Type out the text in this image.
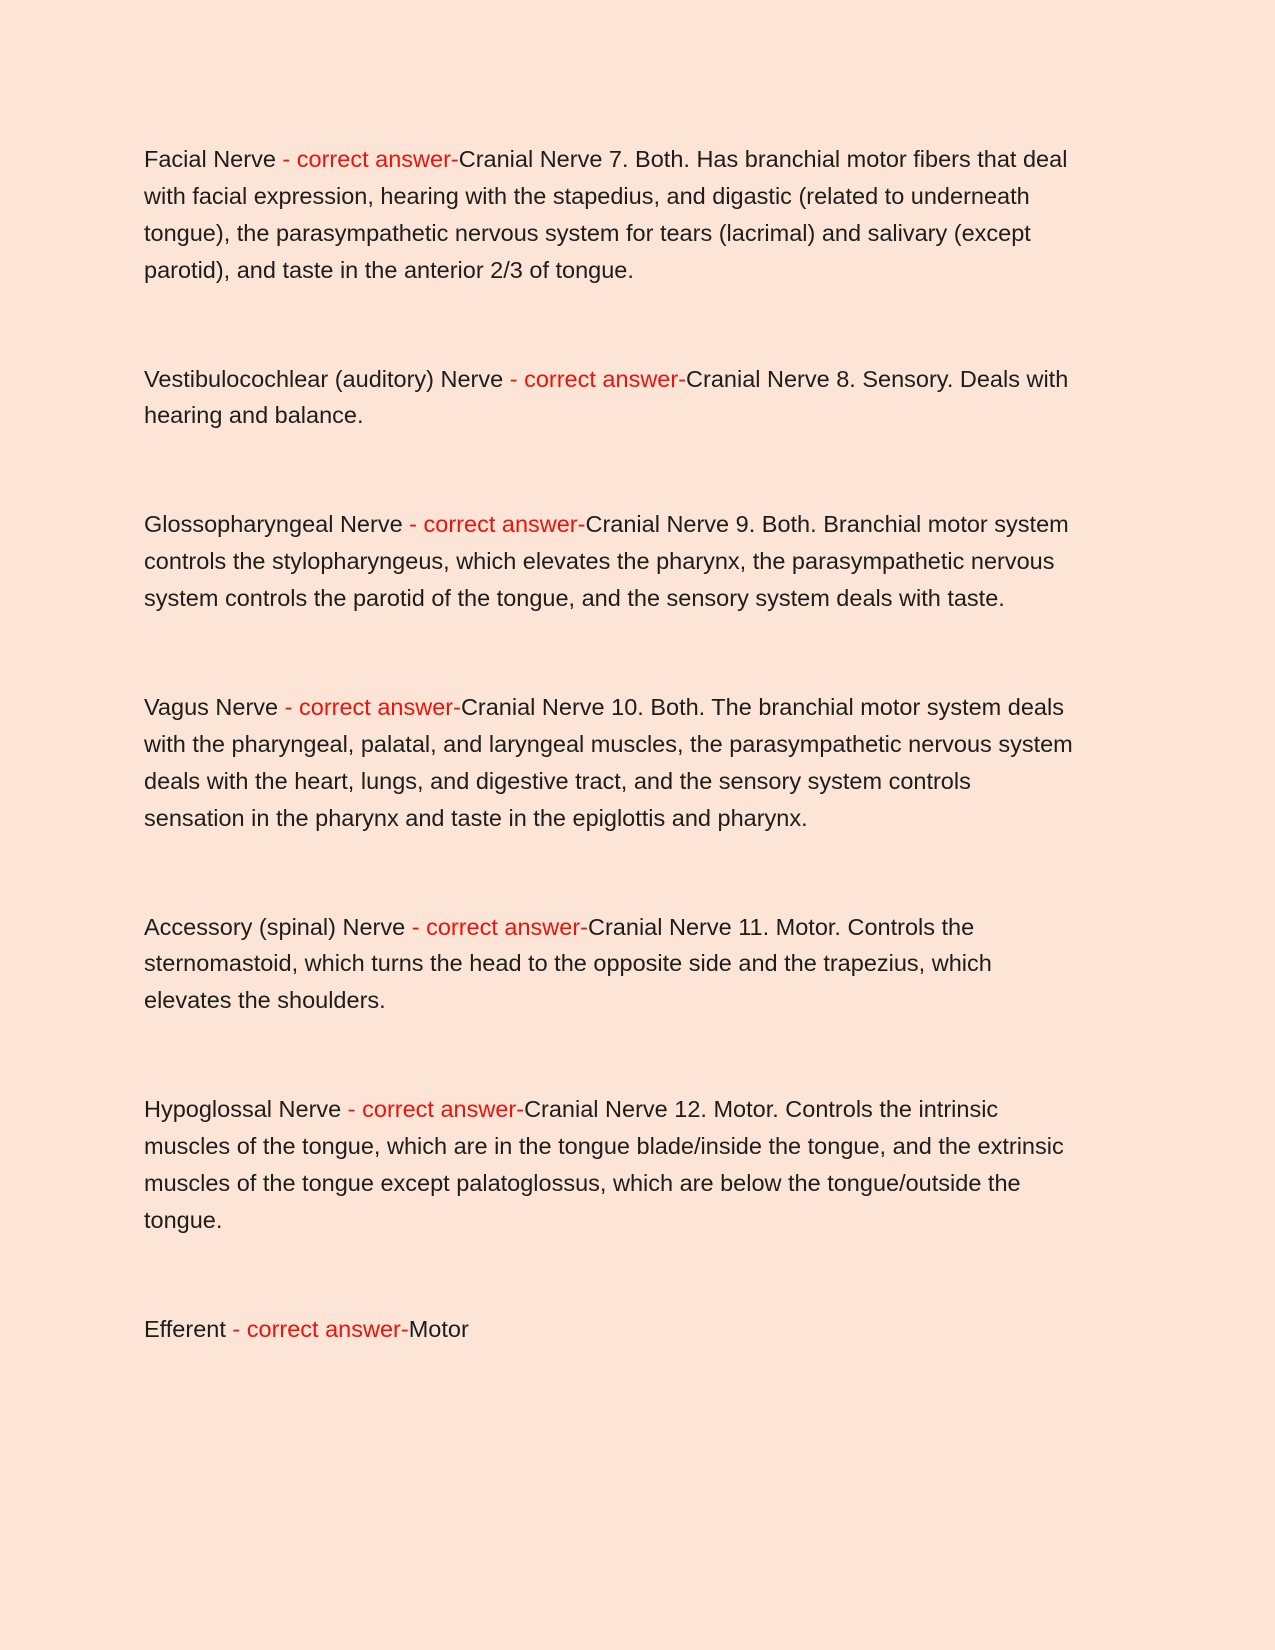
Facial Nerve - correct answer-Cranial Nerve 7. Both. Has branchial motor fibers that deal with facial expression, hearing with the stapedius, and digastic (related to underneath tongue), the parasympathetic nervous system for tears (lacrimal) and salivary (except parotid), and taste in the anterior 2/3 of tongue.

Vestibulocochlear (auditory) Nerve - correct answer-Cranial Nerve 8. Sensory. Deals with hearing and balance.

Glossopharyngeal Nerve - correct answer-Cranial Nerve 9. Both. Branchial motor system controls the stylopharyngeus, which elevates the pharynx, the parasympathetic nervous system controls the parotid of the tongue, and the sensory system deals with taste.

Vagus Nerve - correct answer-Cranial Nerve 10. Both. The branchial motor system deals with the pharyngeal, palatal, and laryngeal muscles, the parasympathetic nervous system deals with the heart, lungs, and digestive tract, and the sensory system controls sensation in the pharynx and taste in the epiglottis and pharynx.

Accessory (spinal) Nerve - correct answer-Cranial Nerve 11. Motor. Controls the sternomastoid, which turns the head to the opposite side and the trapezius, which elevates the shoulders.

Hypoglossal Nerve - correct answer-Cranial Nerve 12. Motor. Controls the intrinsic muscles of the tongue, which are in the tongue blade/inside the tongue, and the extrinsic muscles of the tongue except palatoglossus, which are below the tongue/outside the tongue.

Efferent - correct answer-Motor
